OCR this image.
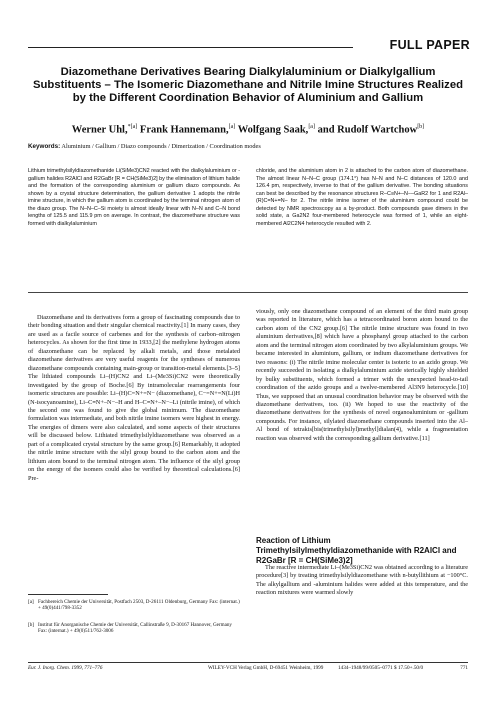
FULL PAPER
Diazomethane Derivatives Bearing Dialkylaluminium or Dialkylgallium Substituents – The Isomeric Diazomethane and Nitrile Imine Structures Realized by the Different Coordination Behavior of Aluminium and Gallium
Werner Uhl,$^{*[a]}$ Frank Hannemann,[a] Wolfgang Saak,[a] and Rudolf Wartchow[b]
Keywords: Aluminium / Gallium / Diazo compounds / Dimerization / Coordination modes

Lithium trimethylsilyldiazomethanide Li(SiMe3)CN2 reacted with the dialkylaluminium or -gallium halides R2AlCl and R2GaBr [R = CH(SiMe3)2] by the elimination of lithium halide and the formation of the corresponding aluminium or gallium diazo compounds. As shown by a crystal structure determination, the gallium derivative 1 adopts the nitrile imine structure, in which the gallium atom is coordinated by the terminal nitrogen atom of the diazo group. The N–N–C–Si moiety is almost ideally linear with N–N and C–N bond lengths of 125.5 and 115.9 pm on average. In contrast, the diazomethane structure was formed with dialkylaluminium

chloride, and the aluminium atom in 2 is attached to the carbon atom of diazomethane. The almost linear N–N–C group (174.1°) has N–N and N–C distances of 120.0 and 126.4 pm, respectively, inverse to that of the gallium derivative. The bonding situations can best be described by the resonance structures R–C≡N+–N−–GaR2 for 1 and R2Al–(R)C=N+=N− for 2. The nitrile imine isomer of the aluminium compound could be detected by NMR spectroscopy as a by-product. Both compounds gave dimers in the solid state, a Ga2N2 four-membered heterocycle was formed of 1, while an eight-membered Al2C2N4 heterocycle resulted with 2.

Diazomethane and its derivatives form a group of fascinating compounds due to their bonding situation and their singular chemical reactivity.[1] In many cases, they are used as a facile source of carbenes and for the synthesis of carbon–nitrogen heterocycles. As shown for the first time in 1933,[2] the methylene hydrogen atoms of diazomethane can be replaced by alkali metals, and those metalated diazomethane derivatives are very useful reagents for the syntheses of numerous diazomethane compounds containing main-group or transition-metal elements.[3–5] The lithiated compounds Li–(H)CN2 and Li–(Me3Si)CN2 were theoretically investigated by the group of Boche.[6] By intramolecular rearrangements four isomeric structures are possible: Li–(H)C=N+=N− (diazomethane), C−=N+=N(Li)H (N-isocyanoamine), Li–C≡N+–N−–H and H–C≡N+–N−–Li (nitrile imine), of which the second one was found to give the global minimum. The diazomethane formulation was intermediate, and both nitrile imine isomers were highest in energy. The energies of dimers were also calculated, and some aspects of their structures will be discussed below. Lithiated trimethylsilyldiazomethane was observed as a part of a complicated crystal structure by the same group.[6] Remarkably, it adopted the nitrile imine structure with the silyl group bound to the carbon atom and the lithium atom bound to the terminal nitrogen atom. The influence of the silyl group on the energy of the isomers could also be verified by theoretical calculations.[6] Pre-

viously, only one diazomethane compound of an element of the third main group was reported in literature, which has a tetracoordinated boron atom bound to the carbon atom of the CN2 group.[6] The nitrile imine structure was found in two aluminium derivatives,[8] which have a phosphanyl group attached to the carbon atom and the terminal nitrogen atom coordinated by two alkylaluminium groups. We became interested in aluminium, gallium, or indium diazomethane derivatives for two reasons: (i) The nitrile imine molecular center is isoteric to an azido group. We recently succeeded in isolating a dialkylaluminium azide sterically highly shielded by bulky substituents, which formed a trimer with the unexpected head-to-tail coordination of the azido groups and a twelve-membered Al3N9 heterocycle.[10] Thus, we supposed that an unusual coordination behavior may be observed with the diazomethane derivatives, too. (ii) We hoped to use the reactivity of the diazomethane derivatives for the synthesis of novel organoaluminium or -gallium compounds. For instance, silylated diazomethane compounds inserted into the Al–Al bond of tetrakis[bis(trimethylsilyl)methyl]dialan(4), while a fragmentation reaction was observed with the corresponding gallium derivative.[11]

Reaction of Lithium Trimethylsilylmethyldiazomethanide with R2AlCl and R2GaBr [R = CH(SiMe3)2]

The reactive intermediate Li–(Me3Si)CN2 was obtained according to a literature procedure[3] by treating trimethylsilyldiazomethane with n-butyllithium at −100°C. The alkylgallium and -aluminium halides were added at this temperature, and the reaction mixtures were warmed slowly

[a] Fachbereich Chemie der Universität, Postfach 2503, D-26111 Oldenburg, Germany Fax: (internat.) + 49(0)441/798-3352
[b] Institut für Anorganische Chemie der Universität, Callinstraße 9, D-30167 Hannover, Germany Fax: (internat.) + 49(0)511/762-3006
Eur. J. Inorg. Chem. 1999, 771–776	WILEY-VCH Verlag GmbH, D-69451 Weinheim, 1999	1434–1948/99/0505–0771 $ 17.50+.50/0	771
